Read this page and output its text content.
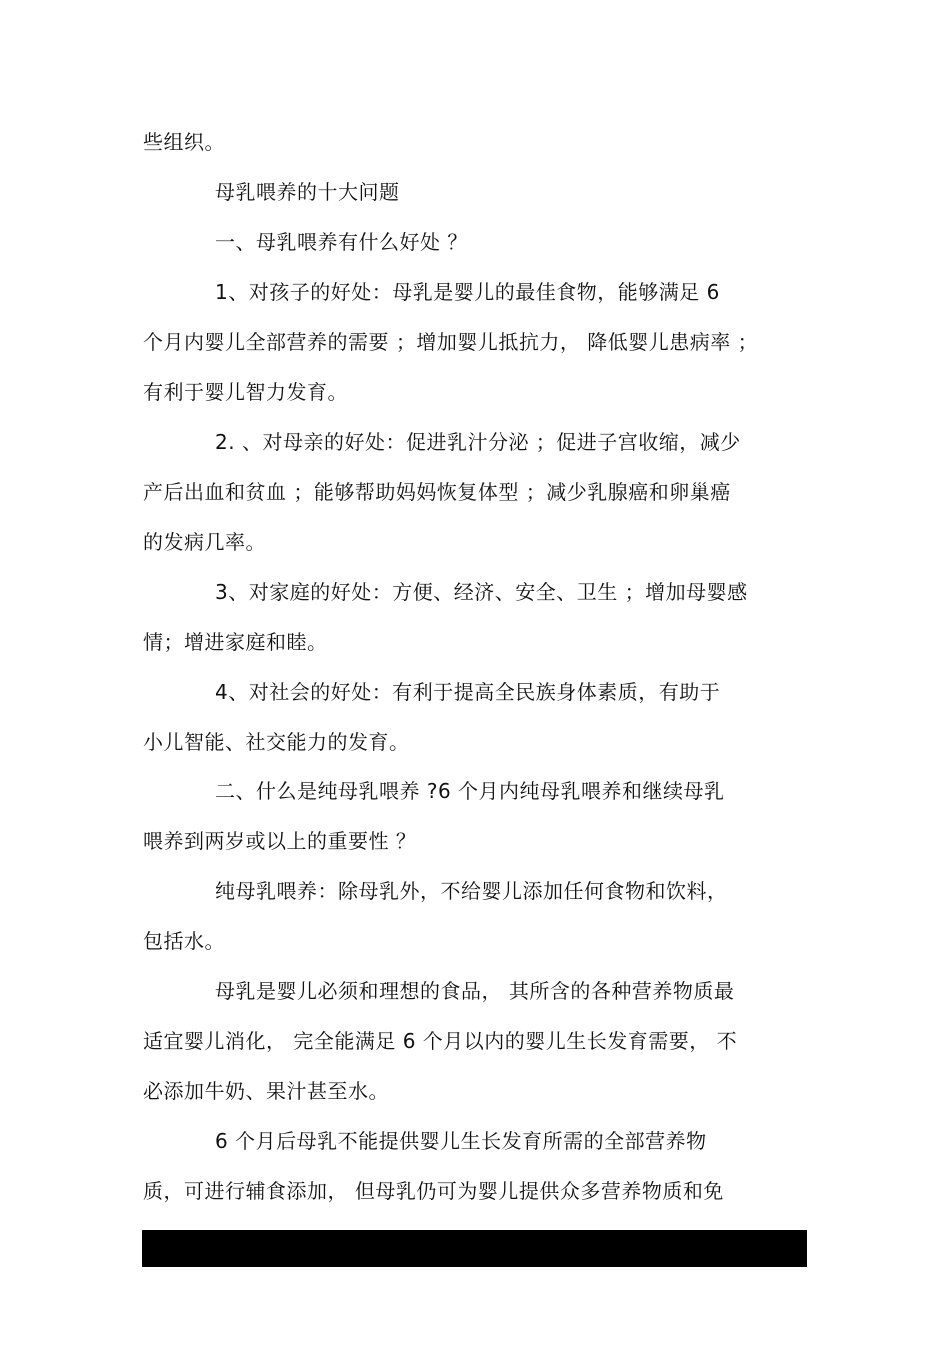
些组织。
母乳喂养的十大问题
一、母乳喂养有什么好处 ？
1、对孩子的好处：母乳是婴儿的最佳食物，能够满足 6
个月内婴儿全部营养的需要 ；增加婴儿抵抗力， 降低婴儿患病率 ；
有利于婴儿智力发育。
2. 、对母亲的好处：促进乳汁分泌 ；促进子宫收缩，减少
产后出血和贫血 ；能够帮助妈妈恢复体型 ；减少乳腺癌和卵巢癌
的发病几率。
3、对家庭的好处：方便、经济、安全、卫生 ；增加母婴感
情；增进家庭和睦。
4、对社会的好处：有利于提高全民族身体素质，有助于
小儿智能、社交能力的发育。
二、什么是纯母乳喂养 ?6 个月内纯母乳喂养和继续母乳
喂养到两岁或以上的重要性 ？
纯母乳喂养：除母乳外，不给婴儿添加任何食物和饮料，
包括水。
母乳是婴儿必须和理想的食品， 其所含的各种营养物质最
适宜婴儿消化， 完全能满足 6 个月以内的婴儿生长发育需要， 不
必添加牛奶、果汁甚至水。
6 个月后母乳不能提供婴儿生长发育所需的全部营养物
质，可进行辅食添加， 但母乳仍可为婴儿提供众多营养物质和免
